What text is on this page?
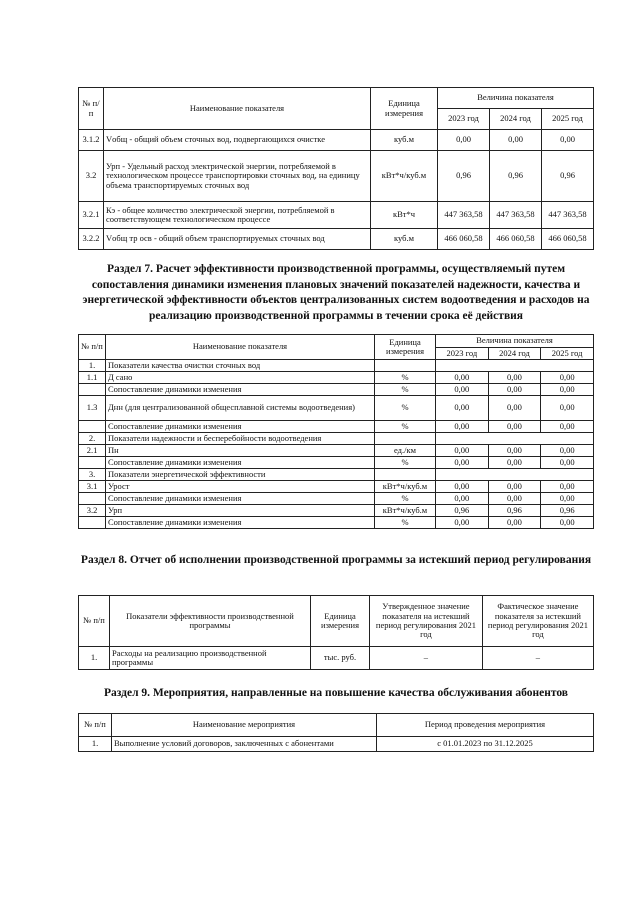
№ п/п	Наименование показателя	Единица измерения	Величина показателя		
			2023 год	2024 год	2025 год
3.1.2	Vобщ - общий объем сточных вод, подвергающихся очистке	куб.м	0,00	0,00	0,00
3.2	Урп - Удельный расход электрической энергии, потребляемой в технологическом процессе транспортировки сточных вод, на единицу объема транспортируемых сточных вод	кВт*ч/куб.м	0,96	0,96	0,96
3.2.1	Кэ - общее количество электрической энергии, потребляемой в соответствующем технологическом процессе	кВт*ч	447 363,58	447 363,58	447 363,58
3.2.2	Vобщ тр осв - общий объем транспортируемых сточных вод	куб.м	466 060,58	466 060,58	466 060,58
Раздел 7. Расчет эффективности производственной программы, осуществляемый путем сопоставления динамики изменения плановых значений показателей надежности, качества и энергетической эффективности объектов централизованных систем водоотведения и расходов на реализацию производственной программы в течении срока её действия
№ п/п	Наименование показателя	Единица измерения	Величина показателя		
			2023 год	2024 год	2025 год
1.	Показатели качества очистки сточных вод				
1.1	Д сано	%	0,00	0,00	0,00
	Сопоставление динамики изменения	%	0,00	0,00	0,00
1.3	Днн (для централизованной общесплавной системы водоотведения)	%	0,00	0,00	0,00
	Сопоставление динамики изменения	%	0,00	0,00	0,00
2.	Показатели надежности и бесперебойности водоотведения				
2.1	Пн	ед./км	0,00	0,00	0,00
	Сопоставление динамики изменения	%	0,00	0,00	0,00
3.	Показатели энергетической эффективности				
3.1	Урост	кВт*ч/куб.м	0,00	0,00	0,00
	Сопоставление динамики изменения	%	0,00	0,00	0,00
3.2	Урп	кВт*ч/куб.м	0,96	0,96	0,96
	Сопоставление динамики изменения	%	0,00	0,00	0,00
Раздел 8. Отчет об исполнении производственной программы за истекший период регулирования
№ п/п	Показатели эффективности производственной программы	Единица измерения	Утвержденное значение показателя на истекший период регулирования 2021 год	Фактическое значение показателя за истекший период регулирования 2021 год
1.	Расходы на реализацию производственной программы	тыс. руб.	–	–
Раздел 9. Мероприятия, направленные на повышение качества обслуживания абонентов
№ п/п	Наименование мероприятия	Период проведения мероприятия
1.	Выполнение условий договоров, заключенных с абонентами	с 01.01.2023 по 31.12.2025
